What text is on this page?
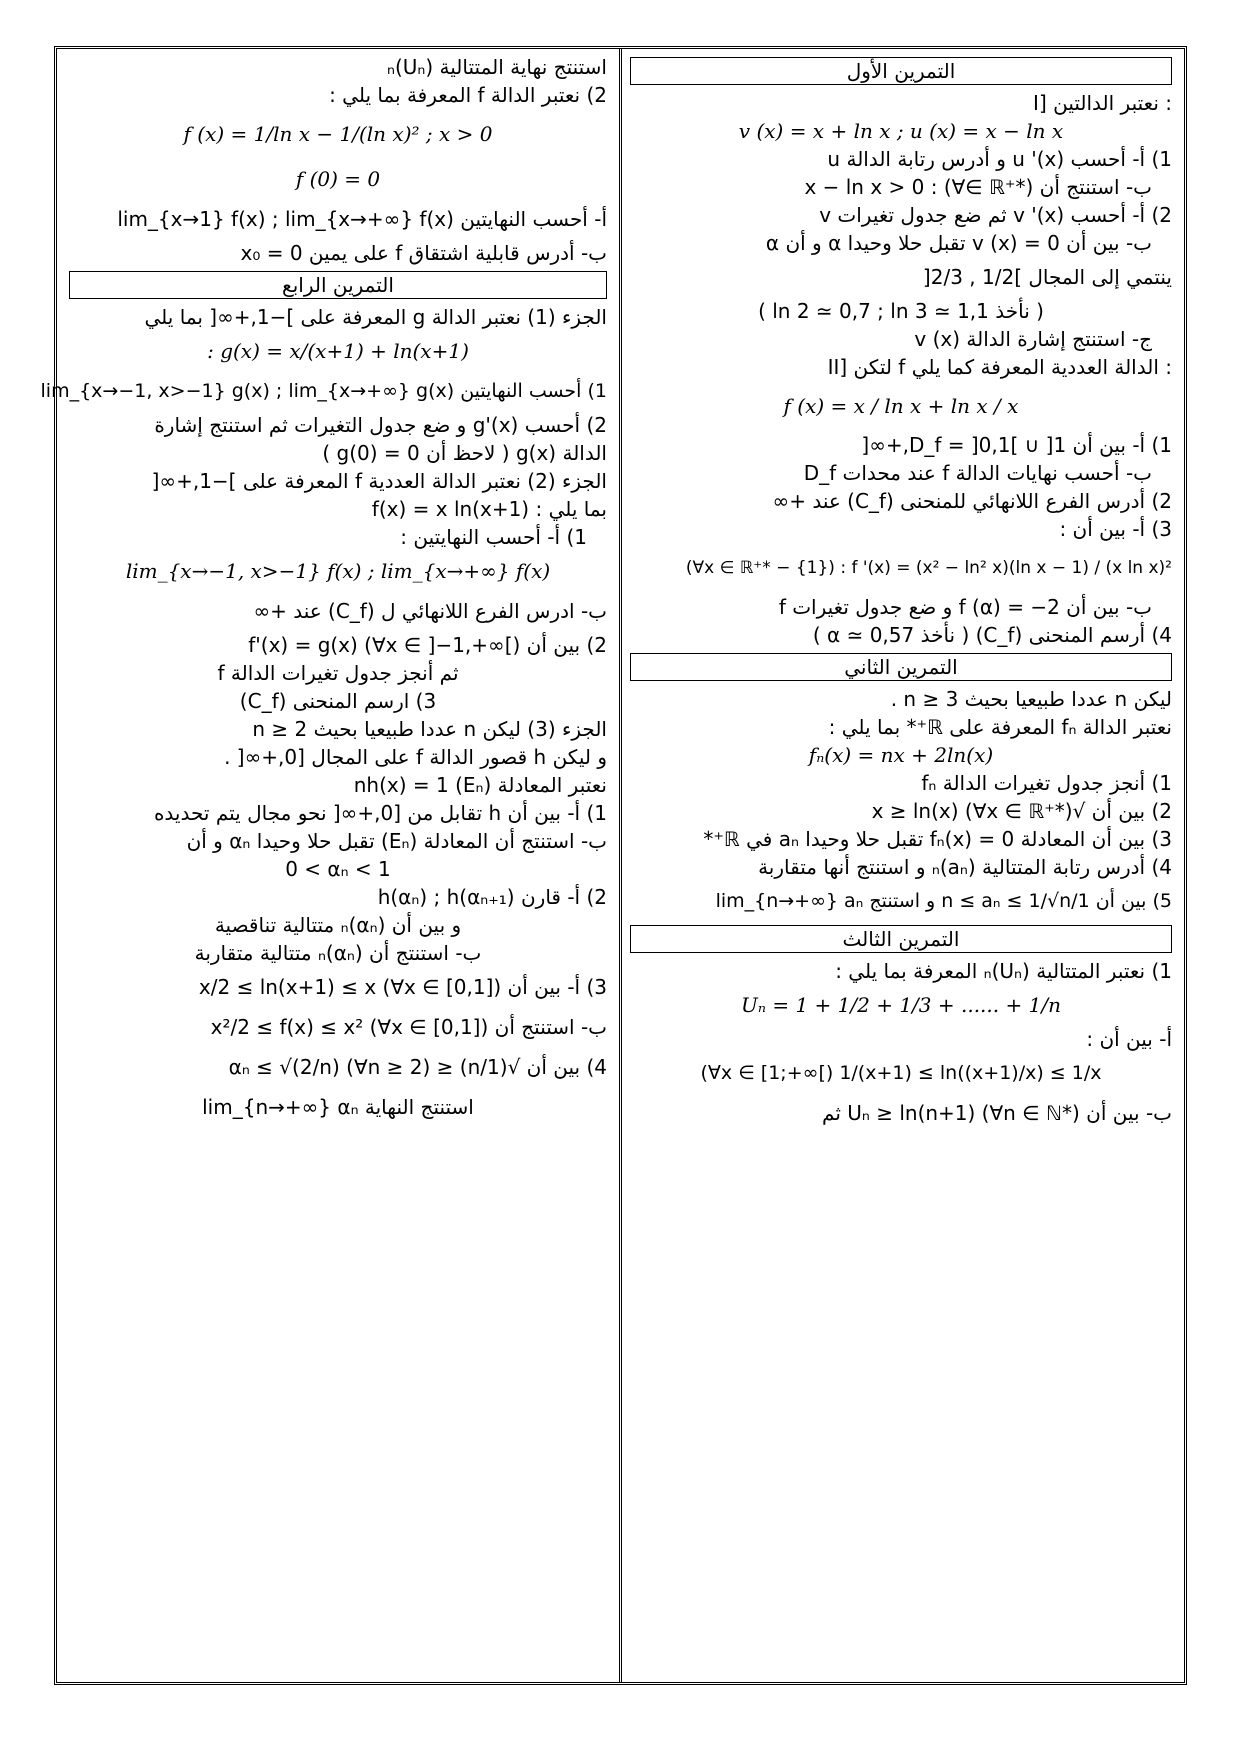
التمرين الأول
I] نعتبر الدالتين :
v (x) = x + ln x ; u (x) = x − ln x
1) أ- أحسب u '(x) و أدرس رتابة الدالة u
ب- استنتج أن x − ln x > 0 : (∀∈ ℝ⁺*)
2) أ- أحسب v '(x) ثم ضع جدول تغيرات v
ب- بين أن v (x) = 0 تقبل حلا وحيدا α و أن α
ينتمي إلى المجال ]1/2 , 2/3[
( نأخذ ln 2 ≃ 0,7 ; ln 3 ≃ 1,1 )
ج- استنتج إشارة الدالة v (x)
II] لتكن f الدالة العددية المعرفة كما يلي :
f (x) = x / ln x + ln x / x
1) أ- بين أن D_f = ]0,1[ ∪ ]1,+∞[
ب- أحسب نهايات الدالة f عند محدات D_f
2) أدرس الفرع اللانهائي للمنحنى (C_f) عند +∞
3) أ- بين أن :
(∀x ∈ ℝ⁺* − {1}) : f '(x) = (x² − ln² x)(ln x − 1) / (x ln x)²
ب- بين أن f (α) = −2 و ضع جدول تغيرات f
4) أرسم المنحنى (C_f) ( نأخذ α ≃ 0,57 )
التمرين الثاني
ليكن n عددا طبيعيا بحيث n ≥ 3 .
نعتبر الدالة fₙ المعرفة على ℝ⁺* بما يلي :
fₙ(x) = nx + 2ln(x)
1) أنجز جدول تغيرات الدالة fₙ
2) بين أن √x ≥ ln(x) (∀x ∈ ℝ⁺*)
3) بين أن المعادلة fₙ(x) = 0 تقبل حلا وحيدا aₙ في ℝ⁺*
4) أدرس رتابة المتتالية (aₙ)ₙ و استنتج أنها متقاربة
5) بين أن 1/n ≤ aₙ ≤ 1/√n و استنتج lim_{n→+∞} aₙ
التمرين الثالث
1) نعتبر المتتالية (Uₙ)ₙ المعرفة بما يلي :
Uₙ = 1 + 1/2 + 1/3 + ...... + 1/n
أ- بين أن :
(∀x ∈ [1;+∞[) 1/(x+1) ≤ ln((x+1)/x) ≤ 1/x
ب- بين أن Uₙ ≥ ln(n+1) (∀n ∈ ℕ*) ثم
استنتج نهاية المتتالية (Uₙ)ₙ
2) نعتبر الدالة f المعرفة بما يلي :
f (x) = 1/ln x − 1/(ln x)² ; x > 0
f (0) = 0
أ- أحسب النهايتين lim_{x→1} f(x) ; lim_{x→+∞} f(x)
ب- أدرس قابلية اشتقاق f على يمين 0 = x₀
التمرين الرابع
الجزء (1) نعتبر الدالة g المعرفة على ]−1,+∞[ بما يلي
: g(x) = x/(x+1) + ln(x+1)
1) أحسب النهايتين lim_{x→−1, x>−1} g(x) ; lim_{x→+∞} g(x)
2) أحسب g'(x) و ضع جدول التغيرات ثم استنتج إشارة
الدالة g(x) ( لاحظ أن g(0) = 0 )
الجزء (2) نعتبر الدالة العددية f المعرفة على ]−1,+∞[
بما يلي : f(x) = x ln(x+1)
1) أ- أحسب النهايتين :
lim_{x→−1, x>−1} f(x) ; lim_{x→+∞} f(x)
ب- ادرس الفرع اللانهائي ل (C_f) عند +∞
2) بين أن f'(x) = g(x) (∀x ∈ ]−1,+∞[)
ثم أنجز جدول تغيرات الدالة f
3) ارسم المنحنى (C_f)
الجزء (3) ليكن n عددا طبيعيا بحيث n ≥ 2
و ليكن h قصور الدالة f على المجال [0,+∞[ .
نعتبر المعادلة nh(x) = 1 (Eₙ)
1) أ- بين أن h تقابل من [0,+∞[ نحو مجال يتم تحديده
ب- استنتج أن المعادلة (Eₙ) تقبل حلا وحيدا αₙ و أن
0 < αₙ < 1
2) أ- قارن h(αₙ) ; h(αₙ₊₁)
و بين أن (αₙ)ₙ متتالية تناقصية
ب- استنتج أن (αₙ)ₙ متتالية متقاربة
3) أ- بين أن x/2 ≤ ln(x+1) ≤ x (∀x ∈ [0,1])
ب- استنتج أن x²/2 ≤ f(x) ≤ x² (∀x ∈ [0,1])
4) بين أن √(1/n) ≤ αₙ ≤ √(2/n) (∀n ≥ 2)
استنتج النهاية lim_{n→+∞} αₙ
